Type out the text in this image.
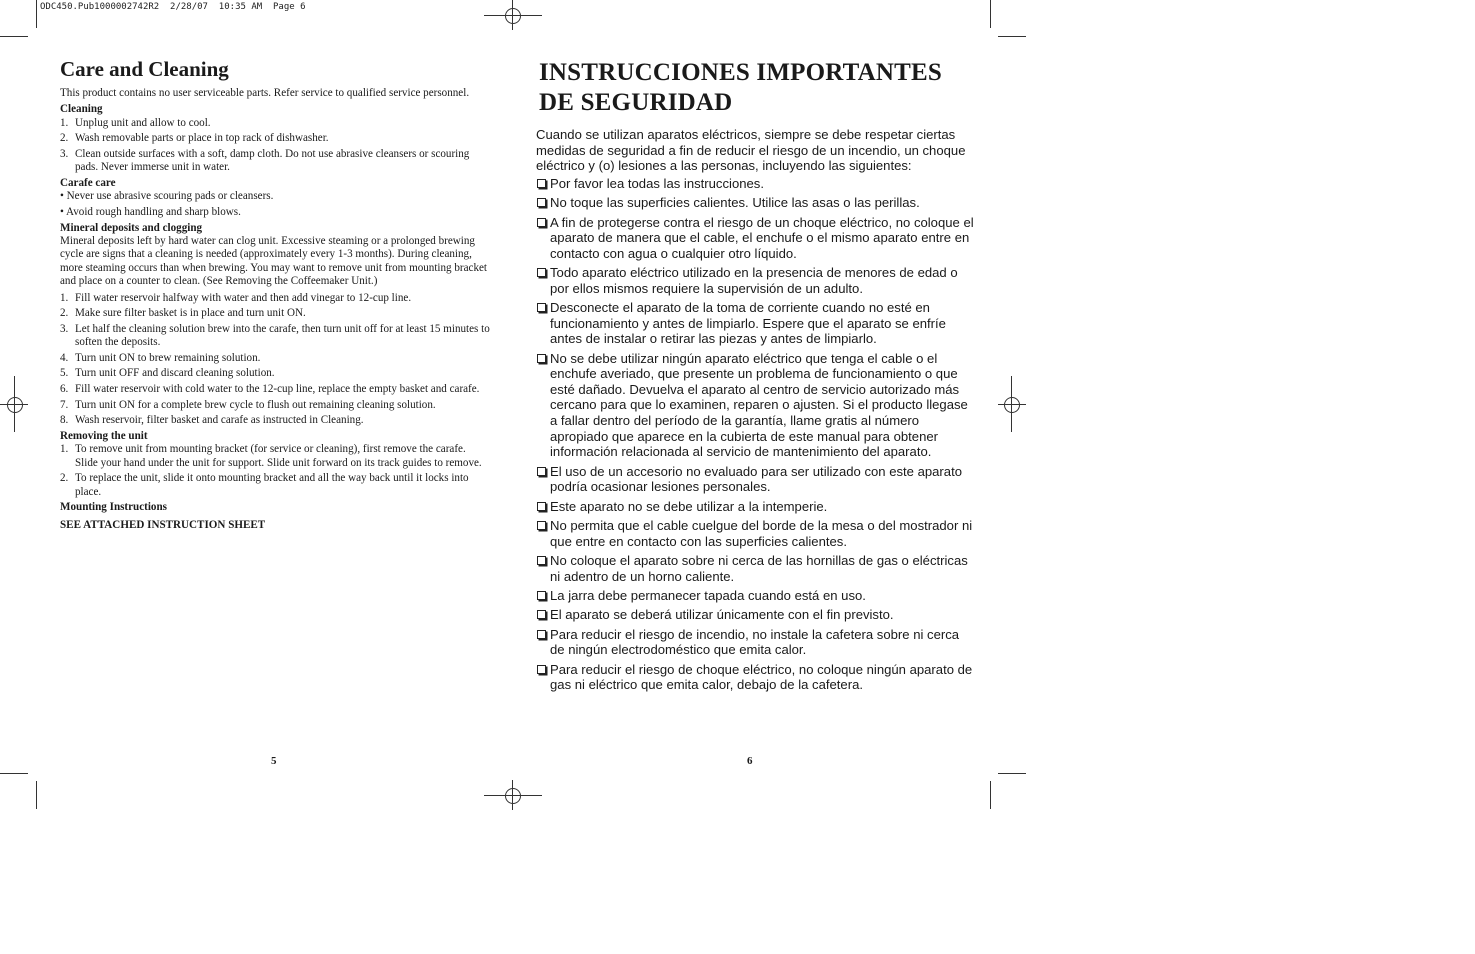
ODC450.Pub1000002742R2  2/28/07  10:35 AM  Page 6
Care and Cleaning

This product contains no user serviceable parts. Refer service to qualified service personnel.

Cleaning
1. Unplug unit and allow to cool.
2. Wash removable parts or place in top rack of dishwasher.
3. Clean outside surfaces with a soft, damp cloth. Do not use abrasive cleansers or scouring pads. Never immerse unit in water.
Carafe care
• Never use abrasive scouring pads or cleansers.
• Avoid rough handling and sharp blows.
Mineral deposits and clogging

Mineral deposits left by hard water can clog unit. Excessive steaming or a prolonged brewing cycle are signs that a cleaning is needed (approximately every 1-3 months). During cleaning, more steaming occurs than when brewing. You may want to remove unit from mounting bracket and place on a counter to clean. (See Removing the Coffeemaker Unit.)

1. Fill water reservoir halfway with water and then add vinegar to 12-cup line.
2. Make sure filter basket is in place and turn unit ON.
3. Let half the cleaning solution brew into the carafe, then turn unit off for at least 15 minutes to soften the deposits.
4. Turn unit ON to brew remaining solution.
5. Turn unit OFF and discard cleaning solution.
6. Fill water reservoir with cold water to the 12-cup line, replace the empty basket and carafe.
7. Turn unit ON for a complete brew cycle to flush out remaining cleaning solution.
8. Wash reservoir, filter basket and carafe as instructed in Cleaning.
Removing the unit
1. To remove unit from mounting bracket (for service or cleaning), first remove the carafe. Slide your hand under the unit for support. Slide unit forward on its track guides to remove.
2. To replace the unit, slide it onto mounting bracket and all the way back until it locks into place.
Mounting Instructions
SEE ATTACHED INSTRUCTION SHEET
5
INSTRUCCIONES IMPORTANTES
DE SEGURIDAD

Cuando se utilizan aparatos eléctricos, siempre se debe respetar ciertas medidas de seguridad a fin de reducir el riesgo de un incendio, un choque eléctrico y (o) lesiones a las personas, incluyendo las siguientes:

Por favor lea todas las instrucciones.
No toque las superficies calientes. Utilice las asas o las perillas.
A fin de protegerse contra el riesgo de un choque eléctrico, no coloque el aparato de manera que el cable, el enchufe o el mismo aparato entre en contacto con agua o cualquier otro líquido.
Todo aparato eléctrico utilizado en la presencia de menores de edad o por ellos mismos requiere la supervisión de un adulto.
Desconecte el aparato de la toma de corriente cuando no esté en funcionamiento y antes de limpiarlo. Espere que el aparato se enfríe antes de instalar o retirar las piezas y antes de limpiarlo.
No se debe utilizar ningún aparato eléctrico que tenga el cable o el enchufe averiado, que presente un problema de funcionamiento o que esté dañado. Devuelva el aparato al centro de servicio autorizado más cercano para que lo examinen, reparen o ajusten. Si el producto llegase a fallar dentro del período de la garantía, llame gratis al número apropiado que aparece en la cubierta de este manual para obtener información relacionada al servicio de mantenimiento del aparato.
El uso de un accesorio no evaluado para ser utilizado con este aparato podría ocasionar lesiones personales.
Este aparato no se debe utilizar a la intemperie.
No permita que el cable cuelgue del borde de la mesa o del mostrador ni que entre en contacto con las superficies calientes.
No coloque el aparato sobre ni cerca de las hornillas de gas o eléctricas ni adentro de un horno caliente.
La jarra debe permanecer tapada cuando está en uso.
El aparato se deberá utilizar únicamente con el fin previsto.
Para reducir el riesgo de incendio, no instale la cafetera sobre ni cerca de ningún electrodoméstico que emita calor.
Para reducir el riesgo de choque eléctrico, no coloque ningún aparato de gas ni eléctrico que emita calor, debajo de la cafetera.
6
